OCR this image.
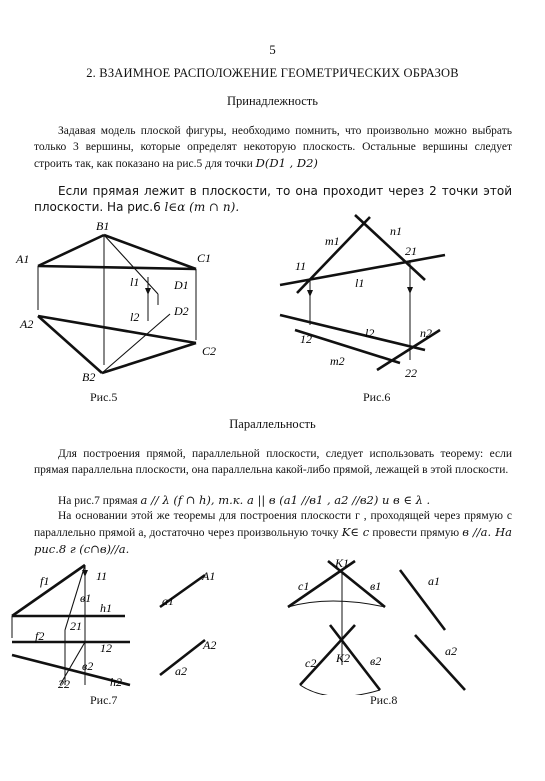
5
2. ВЗАИМНОЕ РАСПОЛОЖЕНИЕ ГЕОМЕТРИЧЕСКИХ ОБРАЗОВ
Принадлежность
Задавая модель плоской фигуры, необходимо помнить, что произвольно можно выбрать только 3 вершины, которые определят некоторую плоскость. Остальные вершины следует строить так, как показано на рис.5 для точки D(D1 , D2)
Если прямая лежит в плоскости, то она проходит через 2 точки этой плоскости. На рис.6 l∈α (m ∩ n).
A1
B1
C1
D1
l1
A2
B2
C2
D2
l2
Рис.5
m1
n1
11
21
l1
12	l2	n2
m2
22
Рис.6
Параллельность
Для построения прямой, параллельной плоскости, следует использовать теорему: если прямая параллельна плоскости, она параллельна какой-либо прямой, лежащей в этой плоскости.
На рис.7 прямая a // λ (f ∩ h), т.к. a || в (a1 //в1 , a2 //в2) и в ∈ λ .
На основании этой же теоремы для построения плоскости г , проходящей через прямую с параллельно прямой a, достаточно через произвольную точку K∈ c провести прямую в //a. На рис.8 г (c∩в)//a.
f1	11
в1
h1
21
f2
12
в2
h2
22
a1
A1
a2
A2
Рис.7
K1
c1	в1	a1
c2 K2 в2
a2
Рис.8
